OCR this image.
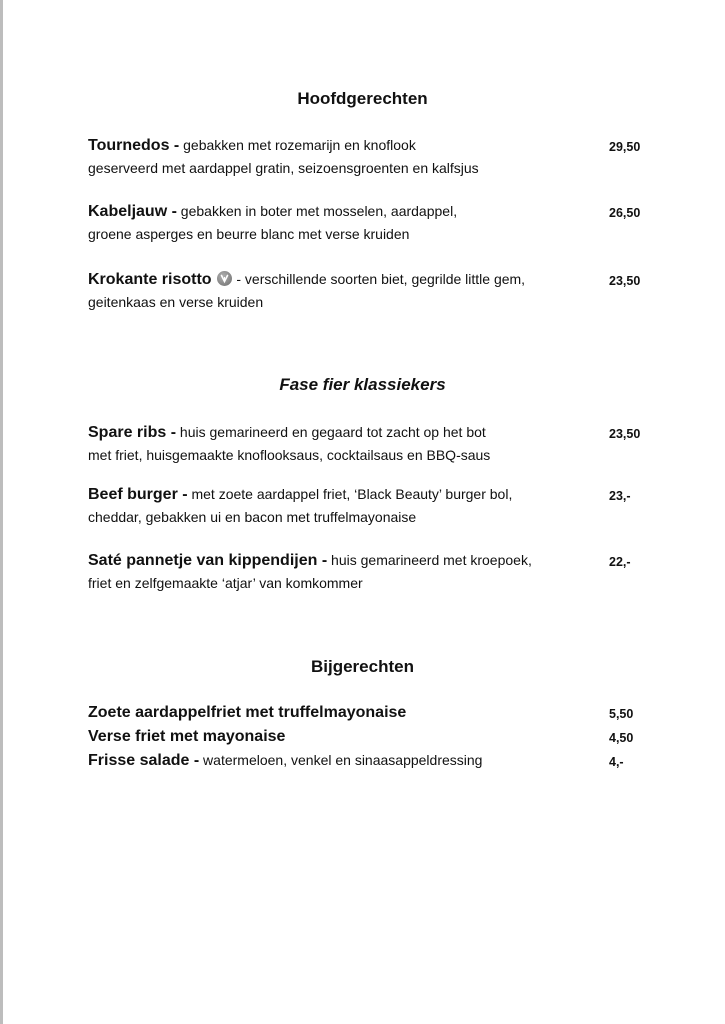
Hoofdgerechten
Tournedos - gebakken met rozemarijn en knoflook
geserveerd met aardappel gratin, seizoensgroenten en kalfsjus
29,50
Kabeljauw - gebakken in boter met mosselen, aardappel,
groene asperges en beurre blanc met verse kruiden
26,50
Krokante risotto - verschillende soorten biet, gegrilde little gem,
geitenkaas en verse kruiden
23,50
Fase fier klassiekers
Spare ribs - huis gemarineerd en gegaard tot zacht op het bot
met friet, huisgemaakte knoflooksaus, cocktailsaus en BBQ-saus
23,50
Beef burger - met zoete aardappel friet, ‘Black Beauty’ burger bol,
cheddar, gebakken ui en bacon met truffelmayonaise
23,-
Saté pannetje van kippendijen - huis gemarineerd met kroepoek,
friet en zelfgemaakte ‘atjar’ van komkommer
22,-
Bijgerechten
Zoete aardappelfriet met truffelmayonaise	5,50
Verse friet met mayonaise	4,50
Frisse salade - watermeloen, venkel en sinaasappeldressing	4,-
